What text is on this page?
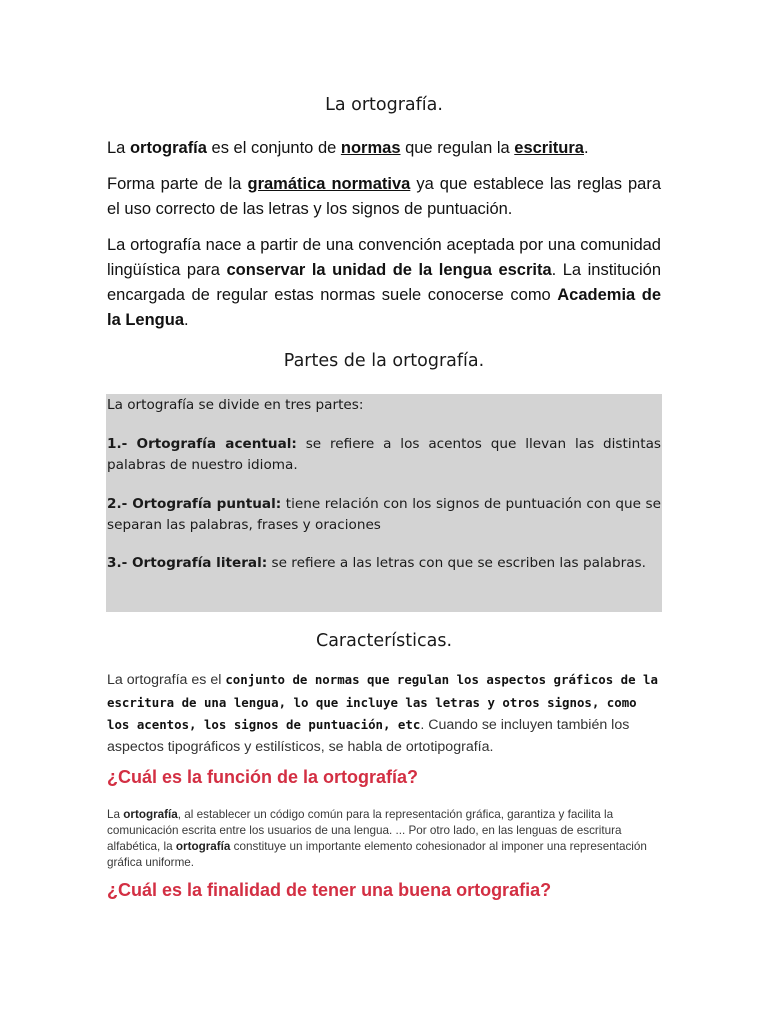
La ortografía.
La ortografía es el conjunto de normas que regulan la escritura.
Forma parte de la gramática normativa ya que establece las reglas para el uso correcto de las letras y los signos de puntuación.
La ortografía nace a partir de una convención aceptada por una comunidad lingüística para conservar la unidad de la lengua escrita. La institución encargada de regular estas normas suele conocerse como Academia de la Lengua.
Partes de la ortografía.

La ortografía se divide en tres partes:

1.- Ortografía acentual: se refiere a los acentos que llevan las distintas palabras de nuestro idioma.

2.- Ortografía puntual: tiene relación con los signos de puntuación con que se separan las palabras, frases y oraciones

3.- Ortografía literal: se refiere a las letras con que se escriben las palabras.

Características.
La ortografía es el conjunto de normas que regulan los aspectos gráficos de la escritura de una lengua, lo que incluye las letras y otros signos, como los acentos, los signos de puntuación, etc. Cuando se incluyen también los aspectos tipográficos y estilísticos, se habla de ortotipografía.
¿Cuál es la función de la ortografía?
La ortografía, al establecer un código común para la representación gráfica, garantiza y facilita la comunicación escrita entre los usuarios de una lengua. ... Por otro lado, en las lenguas de escritura alfabética, la ortografía constituye un importante elemento cohesionador al imponer una representación gráfica uniforme.
¿Cuál es la finalidad de tener una buena ortografia?
